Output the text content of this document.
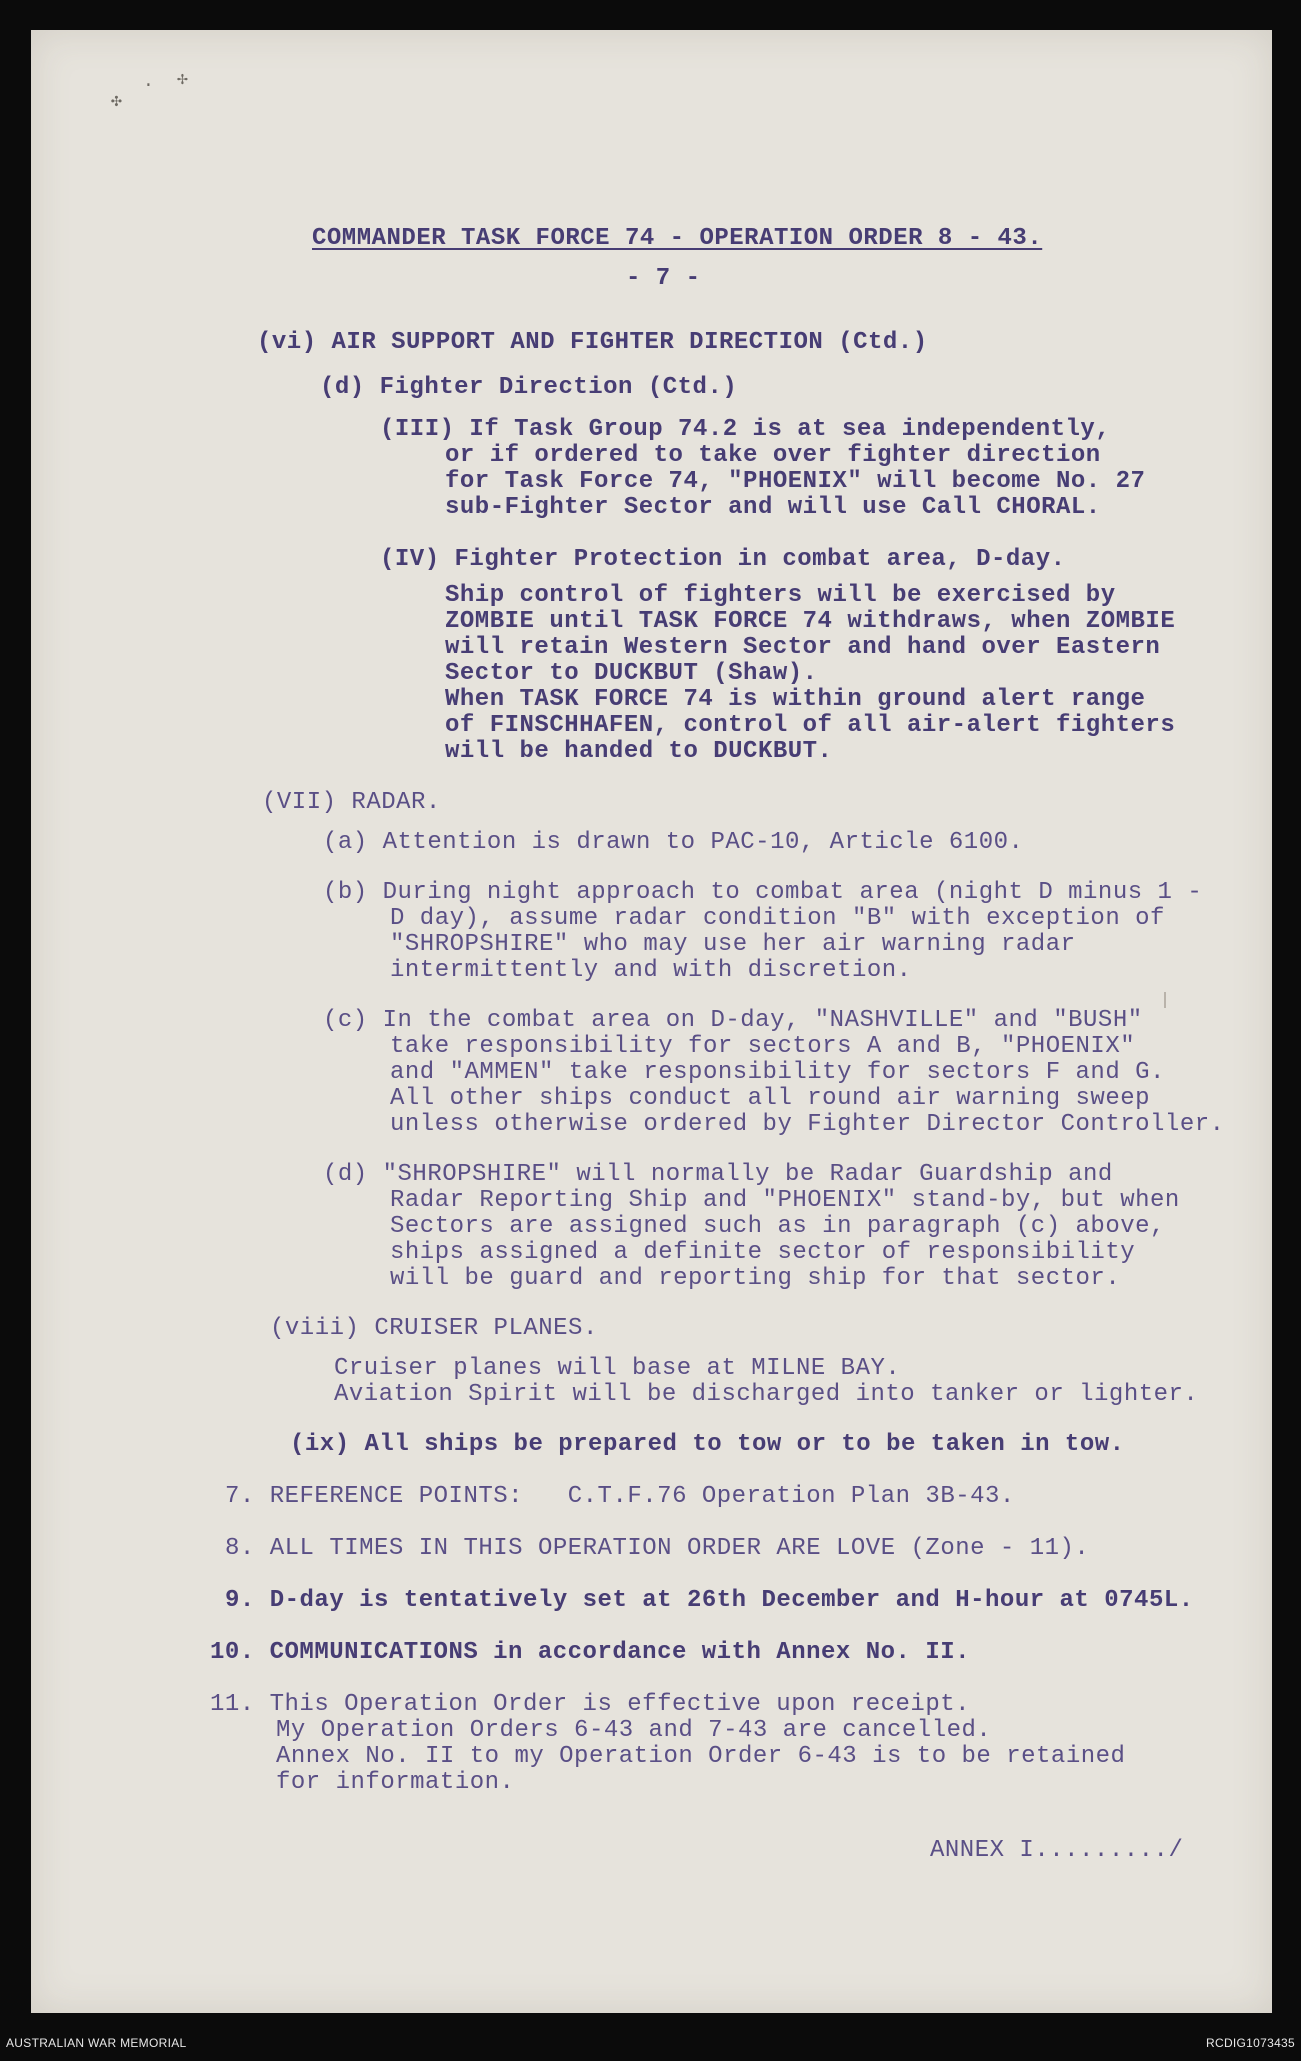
✣
· ✢
COMMANDER TASK FORCE 74 - OPERATION ORDER 8 - 43.
- 7 -
(vi) AIR SUPPORT AND FIGHTER DIRECTION (Ctd.)
(d) Fighter Direction (Ctd.)
(III) If Task Group 74.2 is at sea independently,
or if ordered to take over fighter direction
for Task Force 74, "PHOENIX" will become No. 27
sub-Fighter Sector and will use Call CHORAL.
(IV) Fighter Protection in combat area, D-day.
Ship control of fighters will be exercised by
ZOMBIE until TASK FORCE 74 withdraws, when ZOMBIE
will retain Western Sector and hand over Eastern
Sector to DUCKBUT (Shaw).
When TASK FORCE 74 is within ground alert range
of FINSCHHAFEN, control of all air-alert fighters
will be handed to DUCKBUT.
(VII) RADAR.
(a) Attention is drawn to PAC-10, Article 6100.
(b) During night approach to combat area (night D minus 1 -
D day), assume radar condition "B" with exception of
"SHROPSHIRE" who may use her air warning radar
intermittently and with discretion.
(c) In the combat area on D-day, "NASHVILLE" and "BUSH"
take responsibility for sectors A and B, "PHOENIX"
and "AMMEN" take responsibility for sectors F and G.
All other ships conduct all round air warning sweep
unless otherwise ordered by Fighter Director Controller.
(d) "SHROPSHIRE" will normally be Radar Guardship and
Radar Reporting Ship and "PHOENIX" stand-by, but when
Sectors are assigned such as in paragraph (c) above,
ships assigned a definite sector of responsibility
will be guard and reporting ship for that sector.
(viii) CRUISER PLANES.
Cruiser planes will base at MILNE BAY.
Aviation Spirit will be discharged into tanker or lighter.
(ix) All ships be prepared to tow or to be taken in tow.
7. REFERENCE POINTS:   C.T.F.76 Operation Plan 3B-43.
8. ALL TIMES IN THIS OPERATION ORDER ARE LOVE (Zone - 11).
9. D-day is tentatively set at 26th December and H-hour at 0745L.
10. COMMUNICATIONS in accordance with Annex No. II.
11. This Operation Order is effective upon receipt.
My Operation Orders 6-43 and 7-43 are cancelled.
Annex No. II to my Operation Order 6-43 is to be retained
for information.
ANNEX I........./
AUSTRALIAN WAR MEMORIAL	RCDIG1073435
